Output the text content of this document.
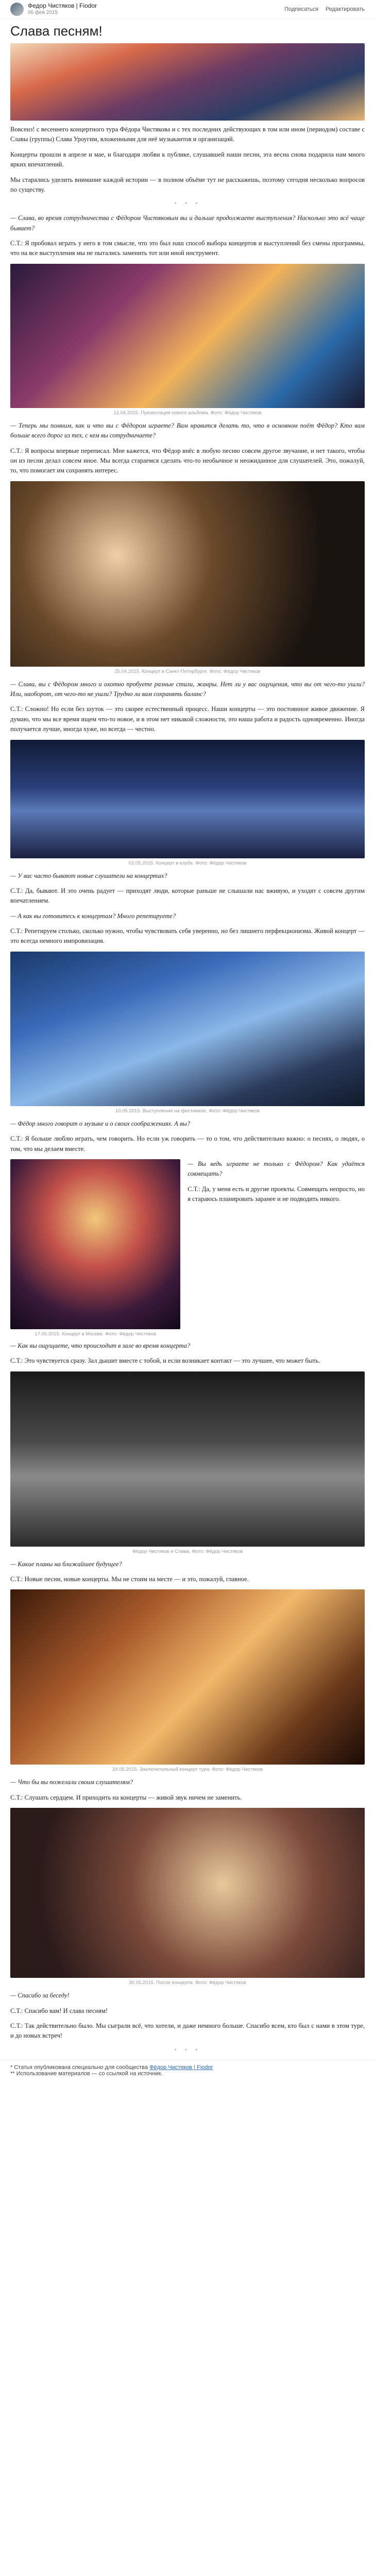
Федор Чистяков | Fiodor
06 фев 2015
Подписаться Редактировать
Слава песням!

Вовсеиз! с весеннего концертного тура Фёдора Чистякова и с тех последних действующих в том или ином (периодом) составе с Славы (группы) Слава Уроугим, вложенными для неё музыкантов и организаций.

Концерты прошли в апреле и мае, и благодаря любви к публике, слушавшей наши песни, эта весна снова подарила нам много ярких впечатлений.

Мы старались уделить внимание каждой истории — в полном объёме тут не расскажешь, поэтому сегодня несколько вопросов по существу.

• • •

— Слава, во время сотрудничества с Фёдором Чистяковым вы и дальше продолжаете выступления? Насколько это всё чаще бывает?

С.Т.: Я пробовал играть у него в том смысле, что это был наш способ выбора концертов и выступлений без смены программы, что на все выступления мы не пытались заменить тот или иной инструмент.

12.04.2015. Презентация нового альбома. Фото: Фёдор Чистяков

— Теперь мы помним, как и что вы с Фёдором играете? Вам нравится делать то, что в основном поёт Фёдор? Кто вам больше всего дорог из тех, с кем вы сотрудничаете?

С.Т.: Я вопросы впервые переписал. Мне кажется, что Фёдор внёс в любую песню совсем другое звучание, и нет такого, чтобы он из песни делал совсем иное. Мы всегда стараемся сделать что-то необычное и неожиданное для слушателей. Это, пожалуй, то, что помогает им сохранять интерес.

25.04.2015. Концерт в Санкт-Петербурге. Фото: Фёдор Чистяков

— Слава, вы с Фёдором много и охотно пробуете разные стили, жанры. Нет ли у вас ощущения, что вы от чего-то ушли? Или, наоборот, от чего-то не ушли? Трудно ли вам сохранять баланс?

С.Т.: Сложно! Но если без шуток — это скорее естественный процесс. Наши концерты — это постоянное живое движение. Я думаю, что мы все время ищем что-то новое, и в этом нет никакой сложности, это наша работа и радость одновременно. Иногда получается лучше, иногда хуже, но всегда — честно.

02.05.2015. Концерт в клубе. Фото: Фёдор Чистяков

— У вас часто бывают новые слушатели на концертах?

С.Т.: Да, бывают. И это очень радует — приходят люди, которые раньше не слышали нас вживую, и уходят с совсем другим впечатлением.

— А как вы готовитесь к концертам? Много репетируете?

С.Т.: Репетируем столько, сколько нужно, чтобы чувствовать себя уверенно, но без лишнего перфекционизма. Живой концерт — это всегда немного импровизация.

10.05.2015. Выступление на фестивале. Фото: Фёдор Чистяков

— Фёдор много говорит о музыке и о своих соображениях. А вы?

С.Т.: Я больше люблю играть, чем говорить. Но если уж говорить — то о том, что действительно важно: о песнях, о людях, о том, что мы делаем вместе.

17.05.2015. Концерт в Москве. Фото: Фёдор Чистяков

— Вы ведь играете не только с Фёдором? Как удаётся совмещать?

С.Т.: Да, у меня есть и другие проекты. Совмещать непросто, но я стараюсь планировать заранее и не подводить никого.

— Как вы ощущаете, что происходит в зале во время концерта?

С.Т.: Это чувствуется сразу. Зал дышит вместе с тобой, и если возникает контакт — это лучшее, что может быть.

Фёдор Чистяков и Слава. Фото: Фёдор Чистяков

— Какие планы на ближайшее будущее?

С.Т.: Новые песни, новые концерты. Мы не стоим на месте — и это, пожалуй, главное.

24.05.2015. Заключительный концерт тура. Фото: Фёдор Чистяков

— Что бы вы пожелали своим слушателям?

С.Т.: Слушать сердцем. И приходить на концерты — живой звук ничем не заменить.

30.05.2015. После концерта. Фото: Фёдор Чистяков

— Спасибо за беседу!

С.Т.: Спасибо вам! И слава песням!

С.Т.: Так действительно было. Мы сыграли всё, что хотели, и даже немного больше. Спасибо всем, кто был с нами в этом туре, и до новых встреч!

• • •
* Статья опубликована специально для сообщества Фёдор Чистяков | Fiodor
** Использование материалов — со ссылкой на источник.
